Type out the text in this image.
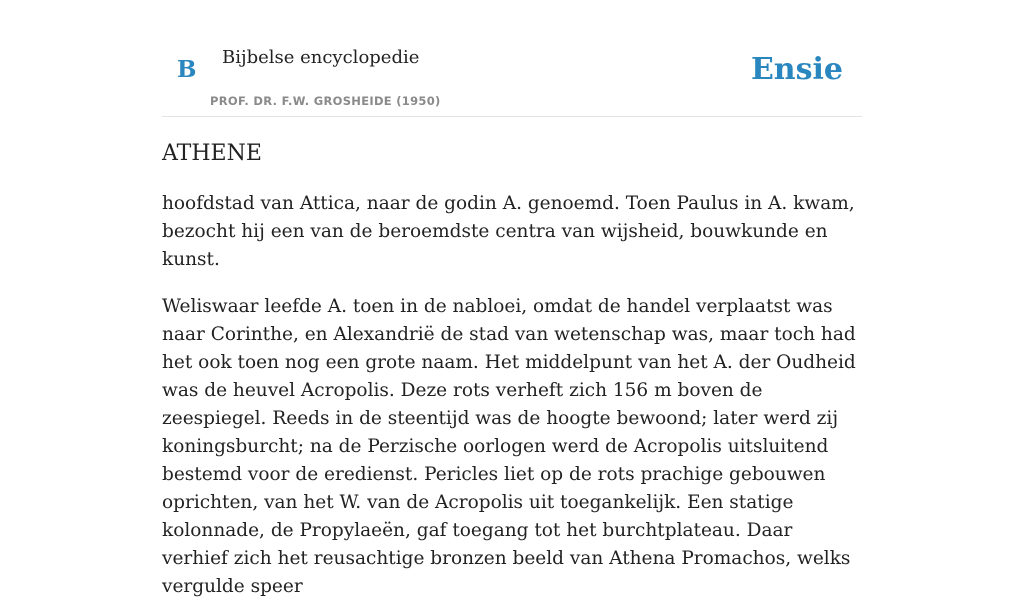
B Bijbelse encyclopedie
PROF. DR. F.W. GROSHEIDE (1950)
Ensie
ATHENE

hoofdstad van Attica, naar de godin A. genoemd. Toen Paulus in A. kwam, bezocht hij een van de beroemdste centra van wijsheid, bouwkunde en kunst.

Weliswaar leefde A. toen in de nabloei, omdat de handel verplaatst was naar Corinthe, en Alexandrië de stad van wetenschap was, maar toch had het ook toen nog een grote naam. Het middelpunt van het A. der Oudheid was de heuvel Acropolis. Deze rots verheft zich 156 m boven de zeespiegel. Reeds in de steentijd was de hoogte bewoond; later werd zij koningsburcht; na de Perzische oorlogen werd de Acropolis uitsluitend bestemd voor de eredienst. Pericles liet op de rots prachige gebouwen oprichten, van het W. van de Acropolis uit toegankelijk. Een statige kolonnade, de Propylaeën, gaf toegang tot het burchtplateau. Daar verhief zich het reusachtige bronzen beeld van Athena Promachos, welks vergulde speer
